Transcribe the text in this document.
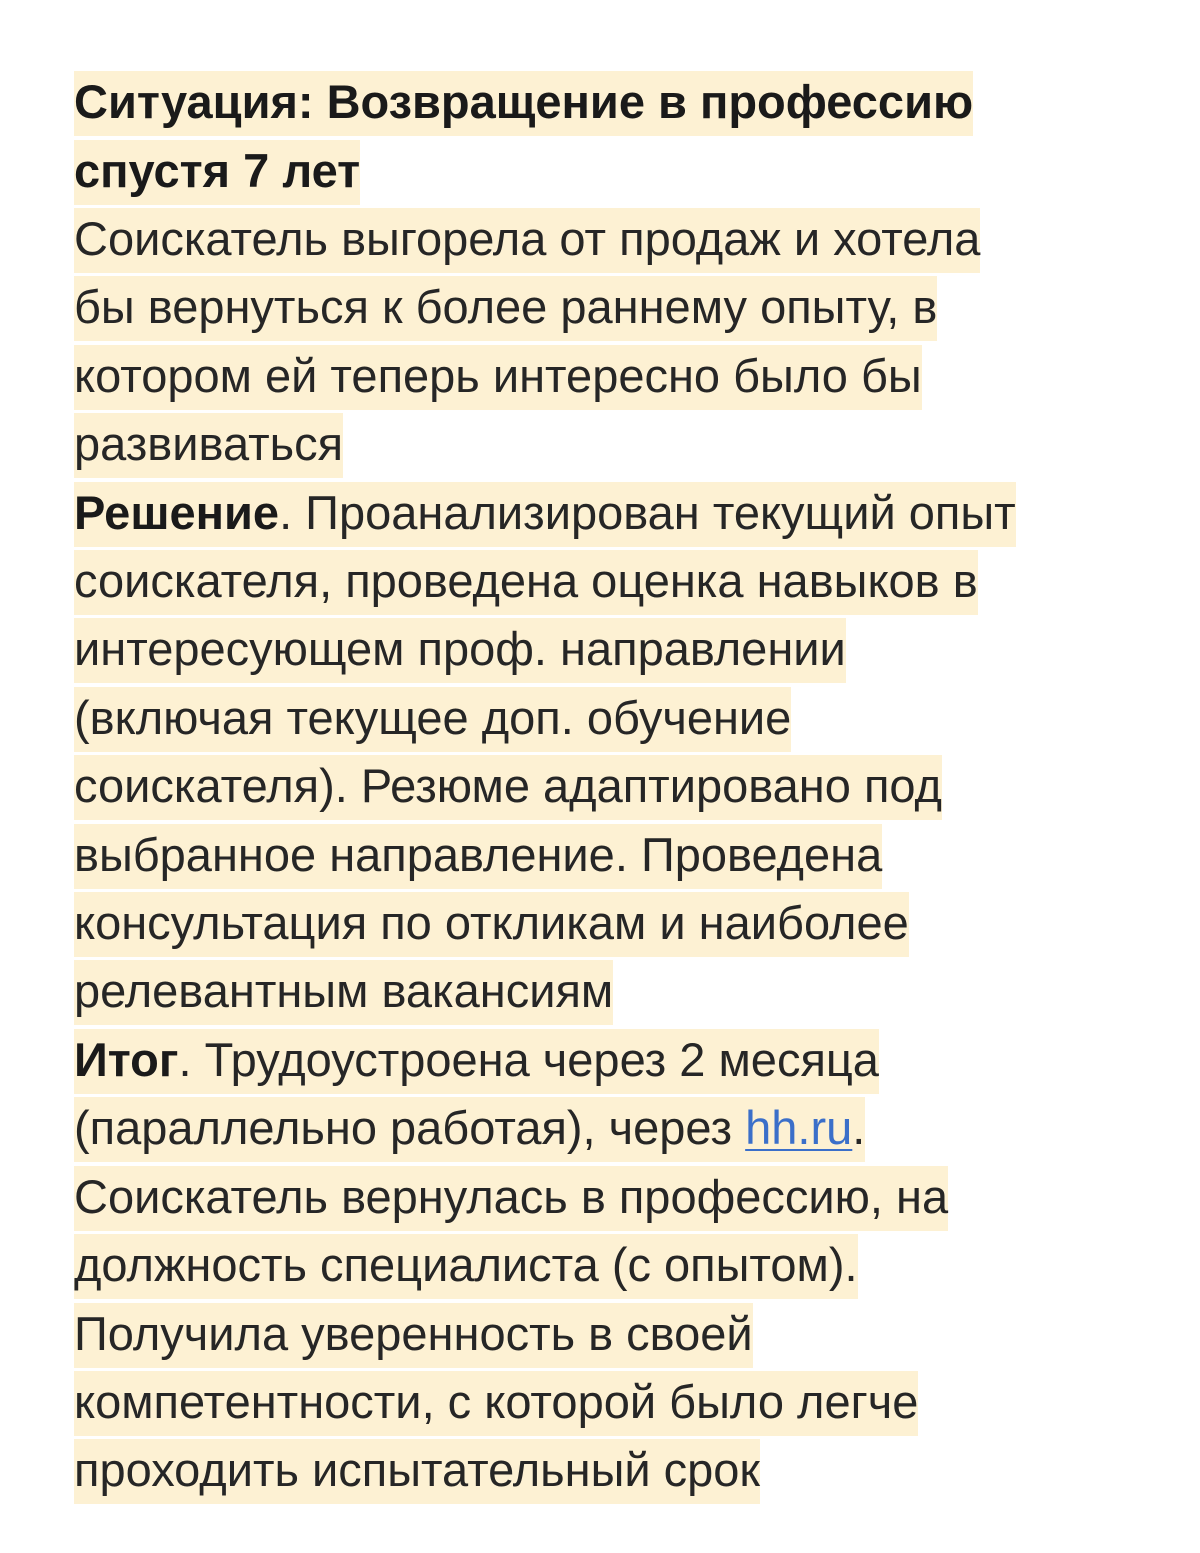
Ситуация: Возвращение в профессию
спустя 7 лет
Соискатель выгорела от продаж и хотела
бы вернуться к более раннему опыту, в
котором ей теперь интересно было бы
развиваться
Решение. Проанализирован текущий опыт
соискателя, проведена оценка навыков в
интересующем проф. направлении
(включая текущее доп. обучение
соискателя). Резюме адаптировано под
выбранное направление. Проведена
консультация по откликам и наиболее
релевантным вакансиям
Итог. Трудоустроена через 2 месяца
(параллельно работая), через hh.ru.
Соискатель вернулась в профессию, на
должность специалиста (с опытом).
Получила уверенность в своей
компетентности, с которой было легче
проходить испытательный срок
